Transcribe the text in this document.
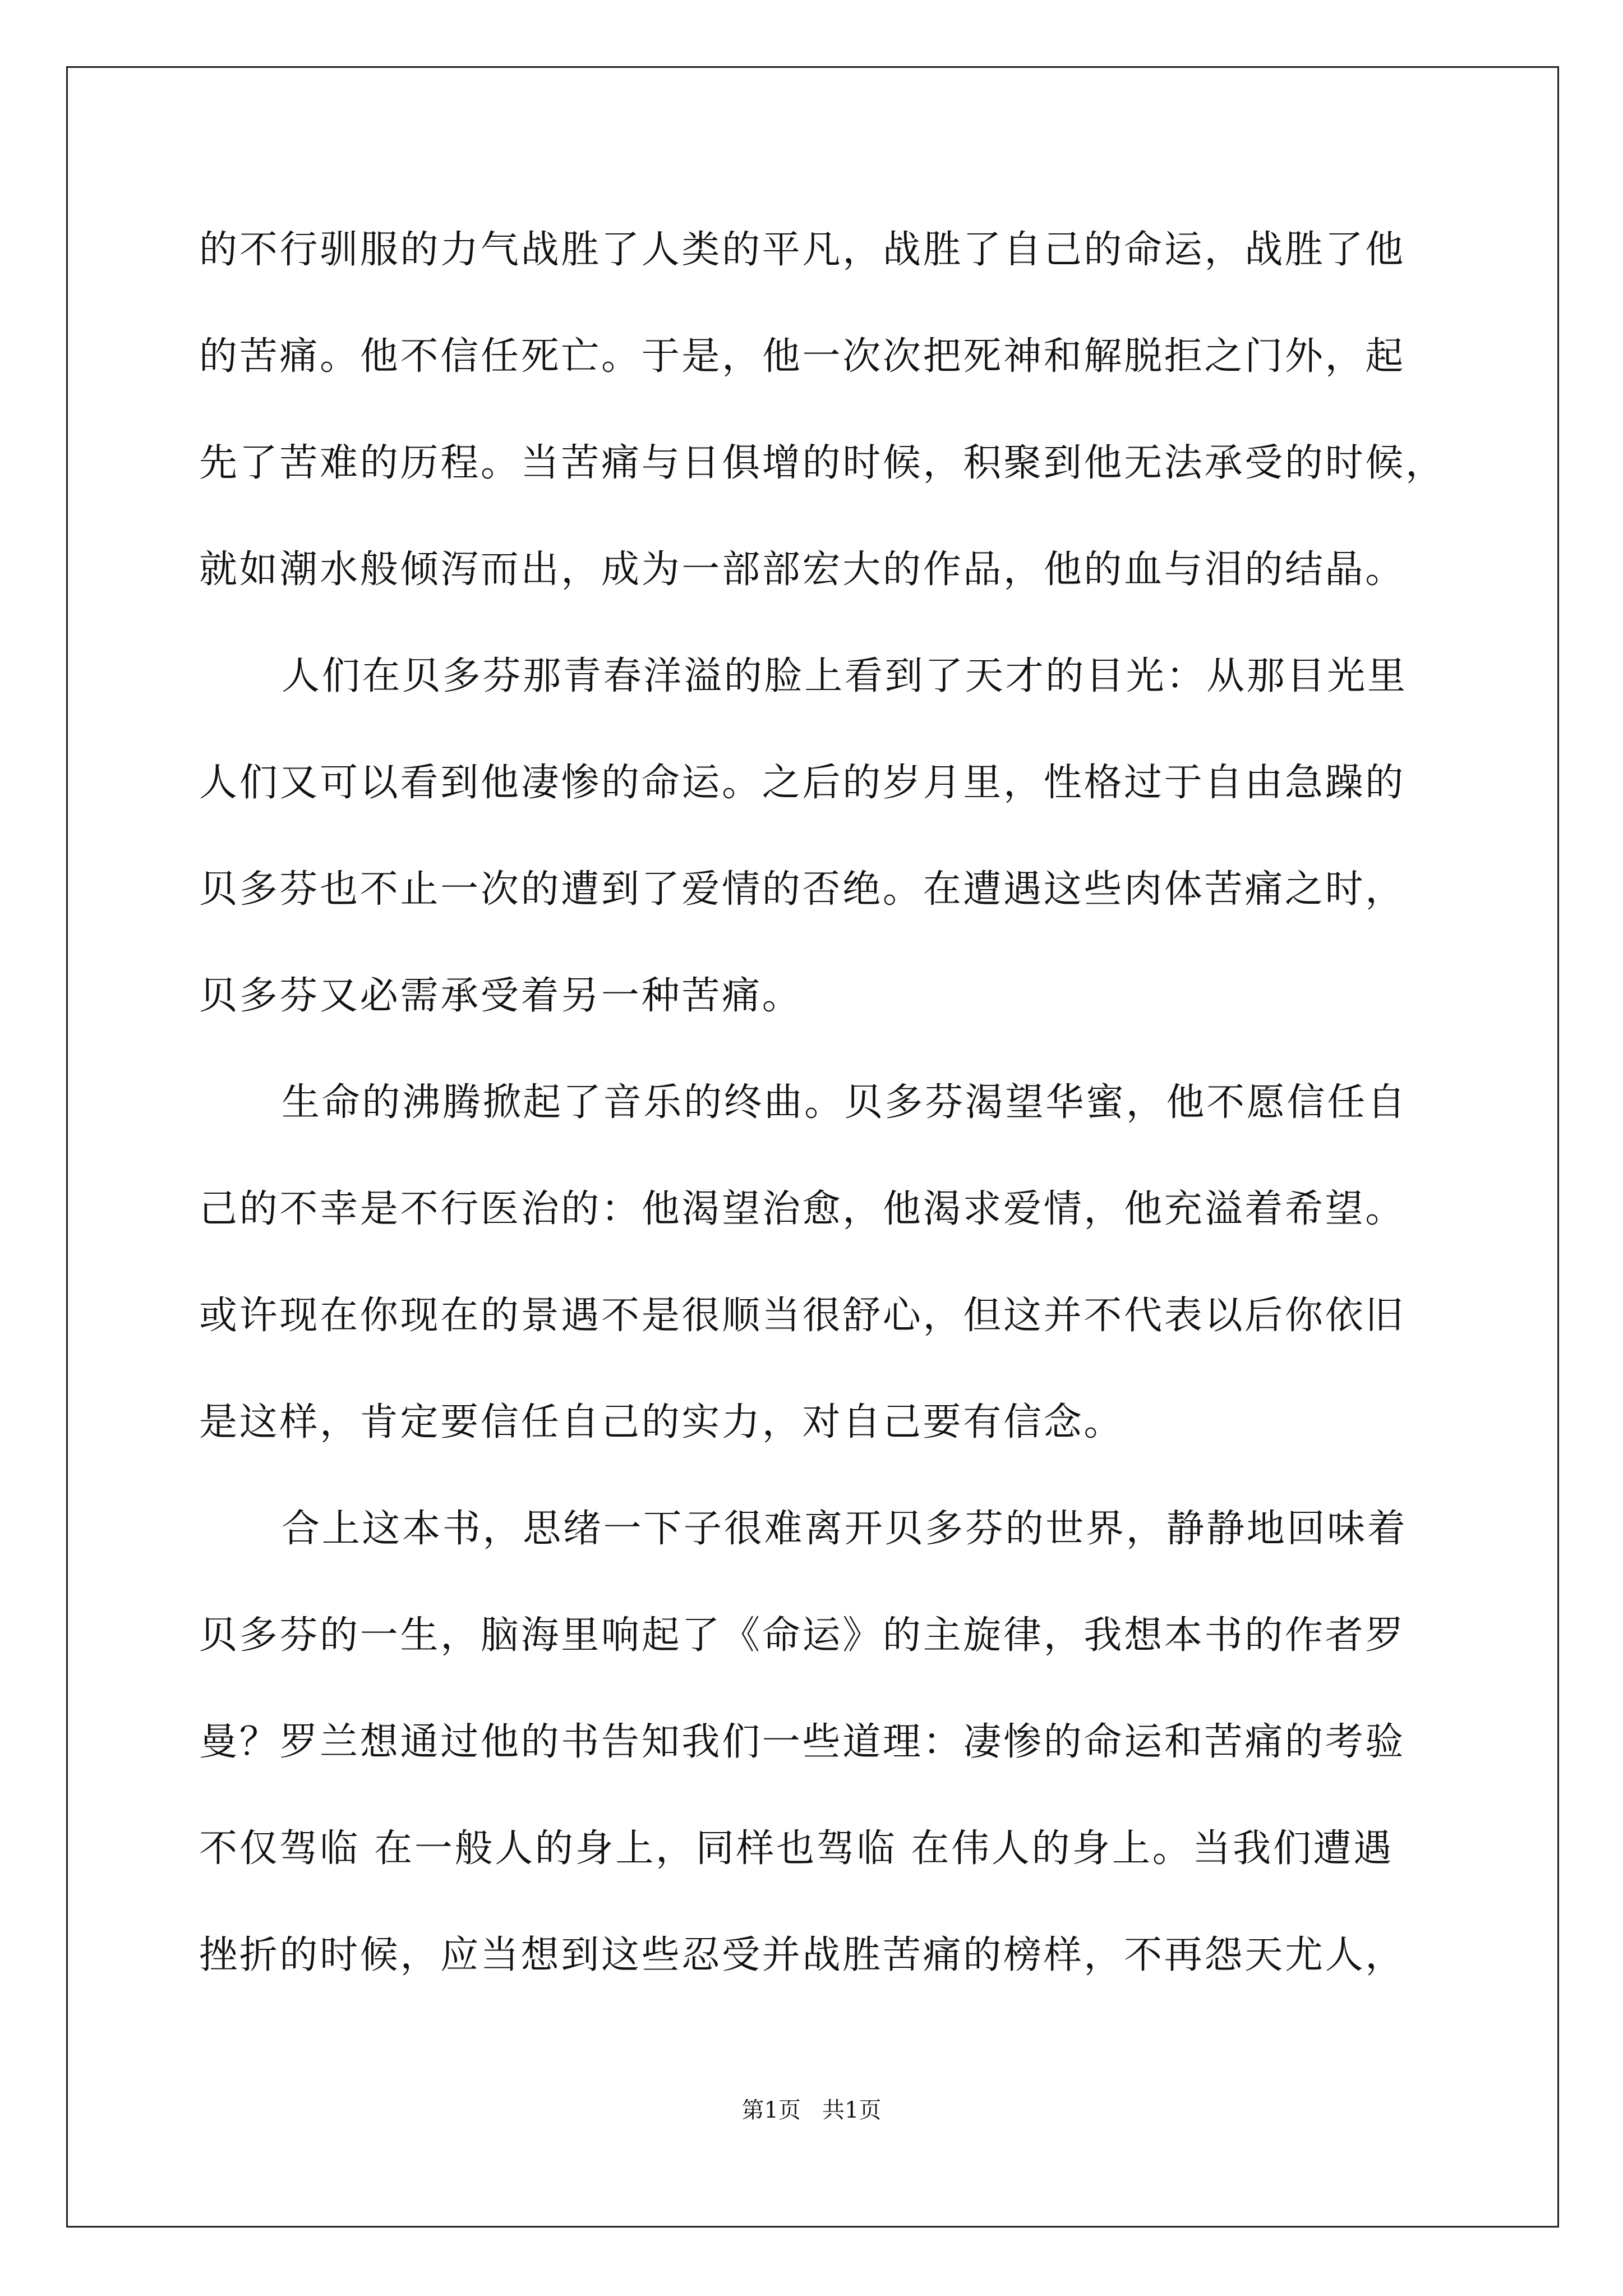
的不行驯服的力气战胜了人类的平凡，战胜了自己的命运，战胜了他
的苦痛。他不信任死亡。于是，他一次次把死神和解脱拒之门外，起
先了苦难的历程。当苦痛与日俱增的时候，积聚到他无法承受的时候，
就如潮水般倾泻而出，成为一部部宏大的作品，他的血与泪的结晶。
人们在贝多芬那青春洋溢的脸上看到了天才的目光：从那目光里
人们又可以看到他凄惨的命运。之后的岁月里，性格过于自由急躁的
贝多芬也不止一次的遭到了爱情的否绝。在遭遇这些肉体苦痛之时，
贝多芬又必需承受着另一种苦痛。
生命的沸腾掀起了音乐的终曲。贝多芬渴望华蜜，他不愿信任自
己的不幸是不行医治的：他渴望治愈，他渴求爱情，他充溢着希望。
或许现在你现在的景遇不是很顺当很舒心，但这并不代表以后你依旧
是这样，肯定要信任自己的实力，对自己要有信念。
合上这本书，思绪一下子很难离开贝多芬的世界，静静地回味着
贝多芬的一生，脑海里响起了《命运》的主旋律，我想本书的作者罗
曼？罗兰想通过他的书告知我们一些道理：凄惨的命运和苦痛的考验
不仅驾临 在一般人的身上，同样也驾临 在伟人的身上。当我们遭遇
挫折的时候，应当想到这些忍受并战胜苦痛的榜样，不再怨天尤人，
第1页   共1页
